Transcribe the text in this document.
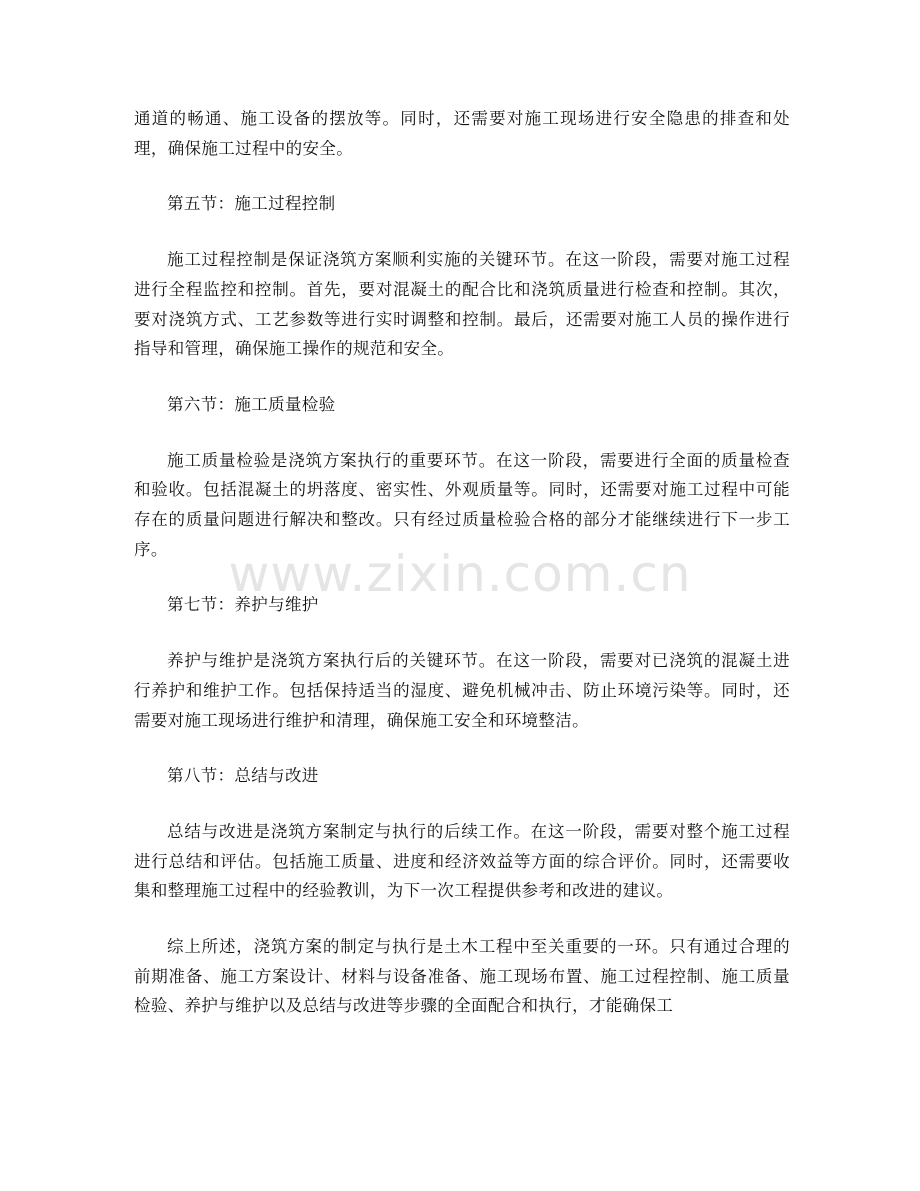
通道的畅通、施工设备的摆放等。同时，还需要对施工现场进行安全隐患的排查和处理，确保施工过程中的安全。

第五节：施工过程控制

施工过程控制是保证浇筑方案顺利实施的关键环节。在这一阶段，需要对施工过程进行全程监控和控制。首先，要对混凝土的配合比和浇筑质量进行检查和控制。其次，要对浇筑方式、工艺参数等进行实时调整和控制。最后，还需要对施工人员的操作进行指导和管理，确保施工操作的规范和安全。

第六节：施工质量检验

施工质量检验是浇筑方案执行的重要环节。在这一阶段，需要进行全面的质量检查和验收。包括混凝土的坍落度、密实性、外观质量等。同时，还需要对施工过程中可能存在的质量问题进行解决和整改。只有经过质量检验合格的部分才能继续进行下一步工序。

第七节：养护与维护

养护与维护是浇筑方案执行后的关键环节。在这一阶段，需要对已浇筑的混凝土进行养护和维护工作。包括保持适当的湿度、避免机械冲击、防止环境污染等。同时，还需要对施工现场进行维护和清理，确保施工安全和环境整洁。

第八节：总结与改进

总结与改进是浇筑方案制定与执行的后续工作。在这一阶段，需要对整个施工过程进行总结和评估。包括施工质量、进度和经济效益等方面的综合评价。同时，还需要收集和整理施工过程中的经验教训，为下一次工程提供参考和改进的建议。

综上所述，浇筑方案的制定与执行是土木工程中至关重要的一环。只有通过合理的前期准备、施工方案设计、材料与设备准备、施工现场布置、施工过程控制、施工质量检验、养护与维护以及总结与改进等步骤的全面配合和执行，才能确保工

www.zixin.com.cn
